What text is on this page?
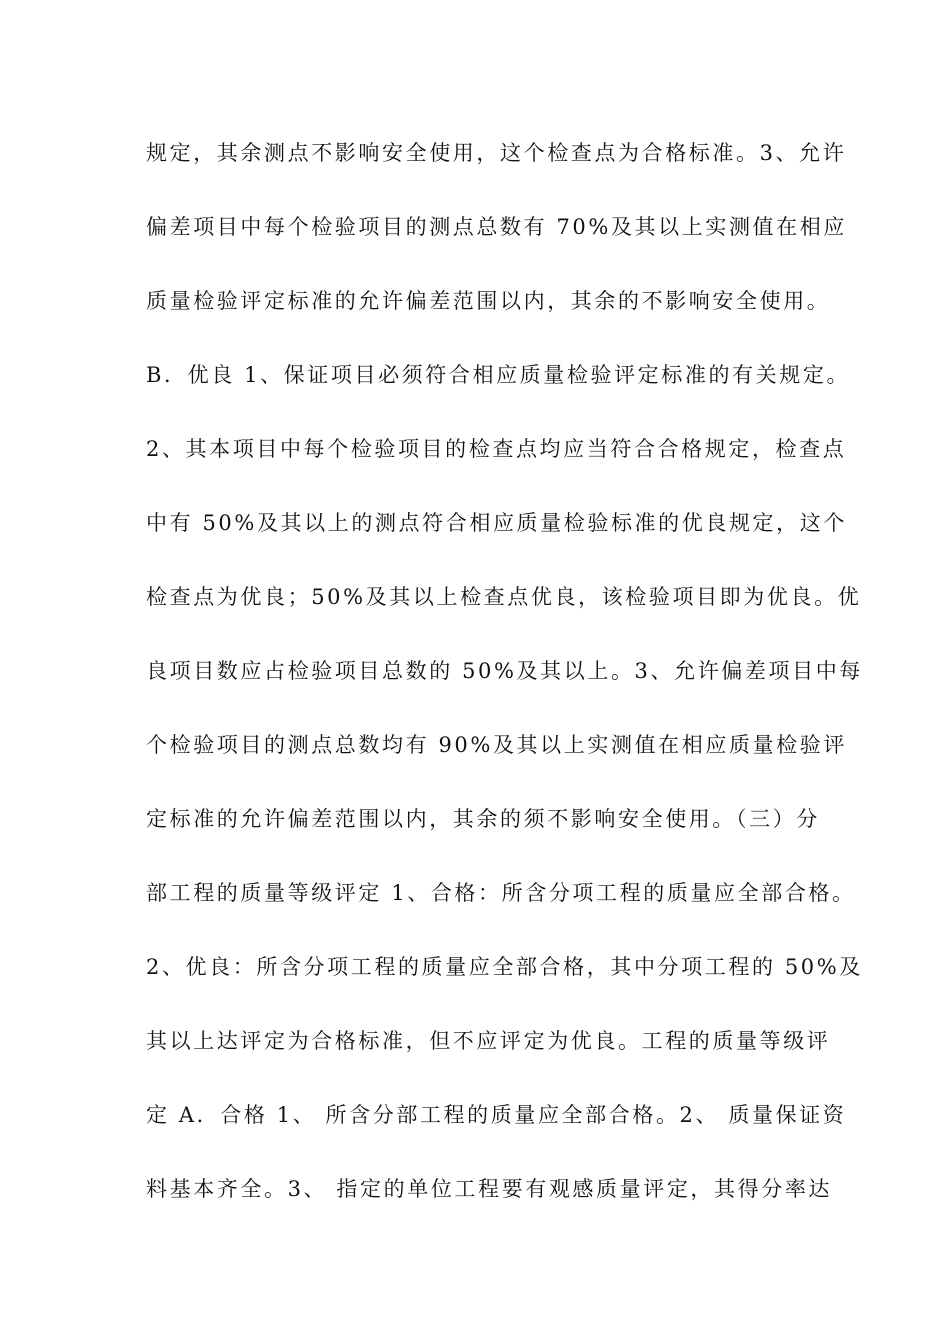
规定，其余测点不影响安全使用，这个检查点为合格标准。3、允许
偏差项目中每个检验项目的测点总数有 70%及其以上实测值在相应
质量检验评定标准的允许偏差范围以内，其余的不影响安全使用。
B．优良 1、保证项目必须符合相应质量检验评定标准的有关规定。
2、其本项目中每个检验项目的检查点均应当符合合格规定，检查点
中有 50%及其以上的测点符合相应质量检验标准的优良规定，这个
检查点为优良；50%及其以上检查点优良，该检验项目即为优良。优
良项目数应占检验项目总数的 50%及其以上。3、允许偏差项目中每
个检验项目的测点总数均有 90%及其以上实测值在相应质量检验评
定标准的允许偏差范围以内，其余的须不影响安全使用。（三）分
部工程的质量等级评定 1、合格：所含分项工程的质量应全部合格。
2、优良：所含分项工程的质量应全部合格，其中分项工程的 50%及
其以上达评定为合格标准，但不应评定为优良。工程的质量等级评
定 A．合格 1、 所含分部工程的质量应全部合格。2、 质量保证资
料基本齐全。3、 指定的单位工程要有观感质量评定，其得分率达
